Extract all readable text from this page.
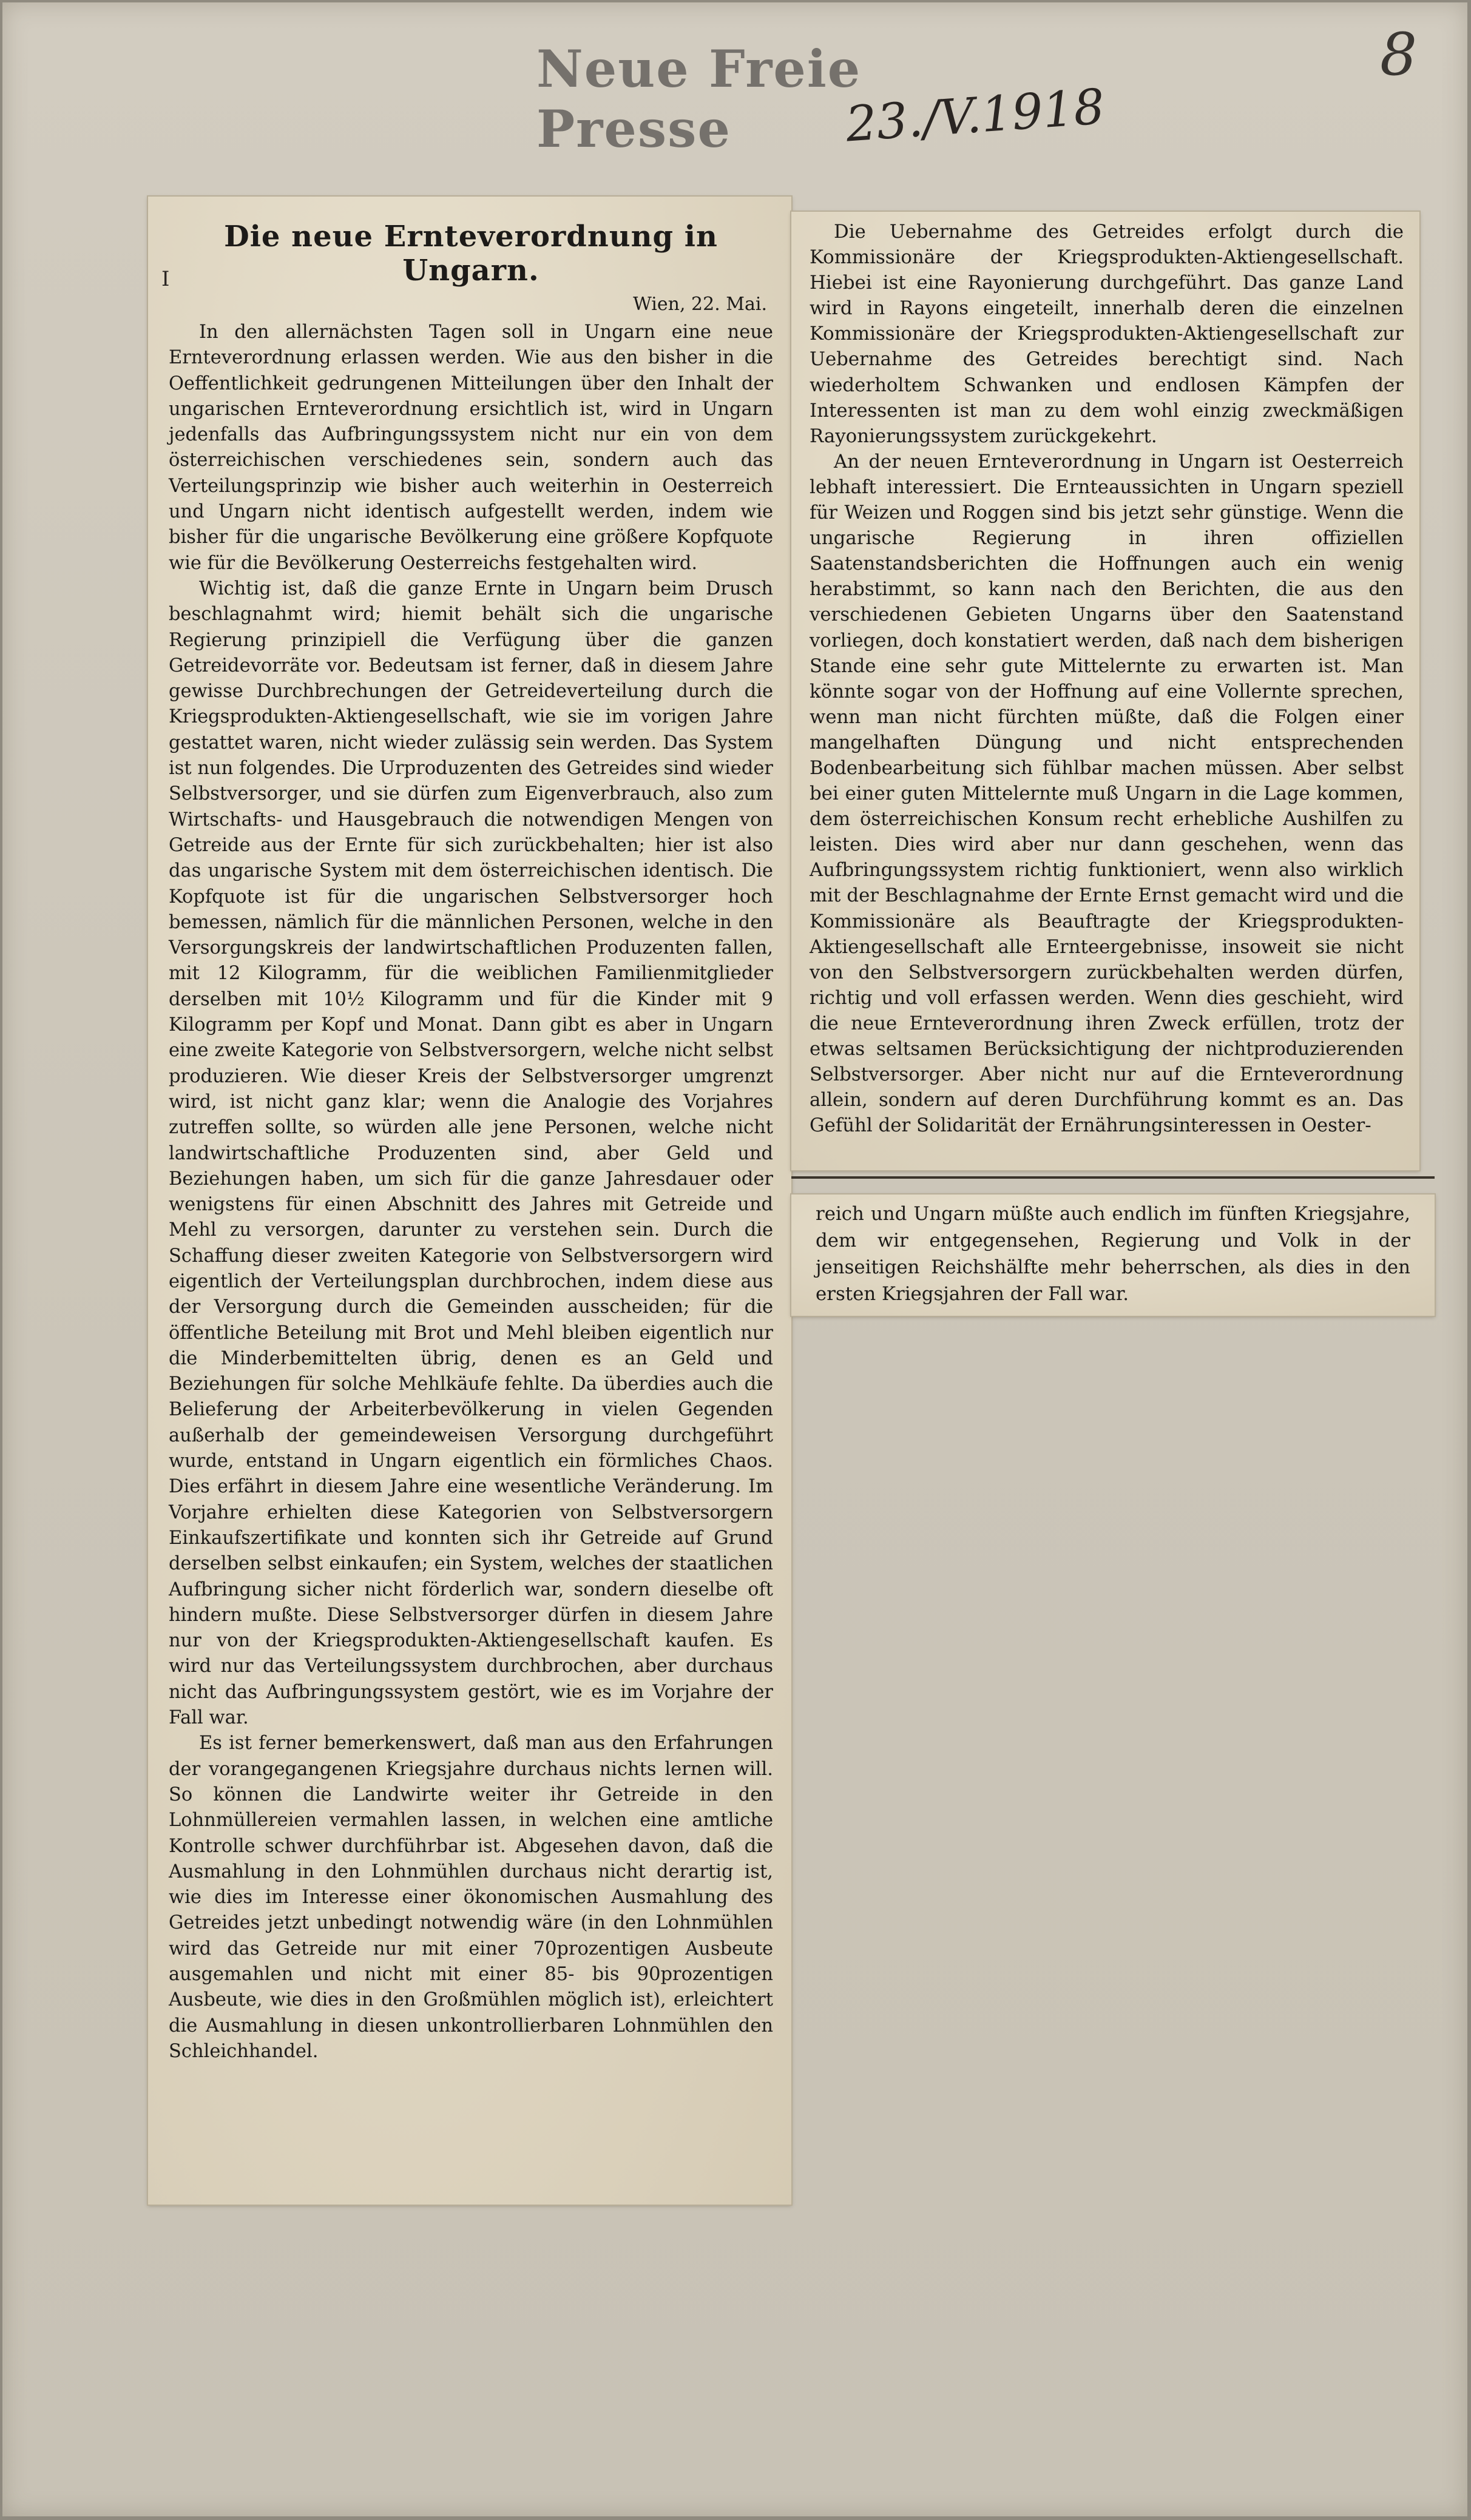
Neue Freie Presse	23./V.1918
8
Die neue Ernteverordnung in Ungarn.
Wien, 22. Mai.

In den allernächsten Tagen soll in Ungarn eine neue Ernteverordnung erlassen werden. Wie aus den bisher in die Oeffentlichkeit gedrungenen Mitteilungen über den Inhalt der ungarischen Ernteverordnung ersichtlich ist, wird in Ungarn jedenfalls das Aufbringungssystem nicht nur ein von dem österreichischen verschiedenes sein, sondern auch das Verteilungsprinzip wie bisher auch weiterhin in Oesterreich und Ungarn nicht identisch aufgestellt werden, indem wie bisher für die ungarische Bevölkerung eine größere Kopfquote wie für die Bevölkerung Oesterreichs festgehalten wird.

Wichtig ist, daß die ganze Ernte in Ungarn beim Drusch beschlagnahmt wird; hiemit behält sich die ungarische Regierung prinzipiell die Verfügung über die ganzen Getreidevorräte vor. Bedeutsam ist ferner, daß in diesem Jahre gewisse Durchbrechungen der Getreideverteilung durch die Kriegsprodukten-Aktiengesellschaft, wie sie im vorigen Jahre gestattet waren, nicht wieder zulässig sein werden. Das System ist nun folgendes. Die Urproduzenten des Getreides sind wieder Selbstversorger, und sie dürfen zum Eigenverbrauch, also zum Wirtschafts- und Hausgebrauch die notwendigen Mengen von Getreide aus der Ernte für sich zurückbehalten; hier ist also das ungarische System mit dem österreichischen identisch. Die Kopfquote ist für die ungarischen Selbstversorger hoch bemessen, nämlich für die männlichen Personen, welche in den Versorgungskreis der landwirtschaftlichen Produzenten fallen, mit 12 Kilogramm, für die weiblichen Familienmitglieder derselben mit 10½ Kilogramm und für die Kinder mit 9 Kilogramm per Kopf und Monat. Dann gibt es aber in Ungarn eine zweite Kategorie von Selbstversorgern, welche nicht selbst produzieren. Wie dieser Kreis der Selbstversorger umgrenzt wird, ist nicht ganz klar; wenn die Analogie des Vorjahres zutreffen sollte, so würden alle jene Personen, welche nicht landwirtschaftliche Produzenten sind, aber Geld und Beziehungen haben, um sich für die ganze Jahresdauer oder wenigstens für einen Abschnitt des Jahres mit Getreide und Mehl zu versorgen, darunter zu verstehen sein. Durch die Schaffung dieser zweiten Kategorie von Selbstversorgern wird eigentlich der Verteilungsplan durchbrochen, indem diese aus der Versorgung durch die Gemeinden ausscheiden; für die öffentliche Beteilung mit Brot und Mehl bleiben eigentlich nur die Minderbemittelten übrig, denen es an Geld und Beziehungen für solche Mehlkäufe fehlte. Da überdies auch die Belieferung der Arbeiterbevölkerung in vielen Gegenden außerhalb der gemeindeweisen Versorgung durchgeführt wurde, entstand in Ungarn eigentlich ein förmliches Chaos. Dies erfährt in diesem Jahre eine wesentliche Veränderung. Im Vorjahre erhielten diese Kategorien von Selbstversorgern Einkaufszertifikate und konnten sich ihr Getreide auf Grund derselben selbst einkaufen; ein System, welches der staatlichen Aufbringung sicher nicht förderlich war, sondern dieselbe oft hindern mußte. Diese Selbstversorger dürfen in diesem Jahre nur von der Kriegsprodukten-Aktiengesellschaft kaufen. Es wird nur das Verteilungssystem durchbrochen, aber durchaus nicht das Aufbringungssystem gestört, wie es im Vorjahre der Fall war.

Es ist ferner bemerkenswert, daß man aus den Erfahrungen der vorangegangenen Kriegsjahre durchaus nichts lernen will. So können die Landwirte weiter ihr Getreide in den Lohnmüllereien vermahlen lassen, in welchen eine amtliche Kontrolle schwer durchführbar ist. Abgesehen davon, daß die Ausmahlung in den Lohnmühlen durchaus nicht derartig ist, wie dies im Interesse einer ökonomischen Ausmahlung des Getreides jetzt unbedingt notwendig wäre (in den Lohnmühlen wird das Getreide nur mit einer 70prozentigen Ausbeute ausgemahlen und nicht mit einer 85- bis 90prozentigen Ausbeute, wie dies in den Großmühlen möglich ist), erleichtert die Ausmahlung in diesen unkontrollierbaren Lohnmühlen den Schleichhandel.

I

Die Uebernahme des Getreides erfolgt durch die Kommissionäre der Kriegsprodukten-Aktiengesellschaft. Hiebei ist eine Rayonierung durchgeführt. Das ganze Land wird in Rayons eingeteilt, innerhalb deren die einzelnen Kommissionäre der Kriegsprodukten-Aktiengesellschaft zur Uebernahme des Getreides berechtigt sind. Nach wiederholtem Schwanken und endlosen Kämpfen der Interessenten ist man zu dem wohl einzig zweckmäßigen Rayonierungssystem zurückgekehrt.

An der neuen Ernteverordnung in Ungarn ist Oesterreich lebhaft interessiert. Die Ernteaussichten in Ungarn speziell für Weizen und Roggen sind bis jetzt sehr günstige. Wenn die ungarische Regierung in ihren offiziellen Saatenstandsberichten die Hoffnungen auch ein wenig herabstimmt, so kann nach den Berichten, die aus den verschiedenen Gebieten Ungarns über den Saatenstand vorliegen, doch konstatiert werden, daß nach dem bisherigen Stande eine sehr gute Mittelernte zu erwarten ist. Man könnte sogar von der Hoffnung auf eine Vollernte sprechen, wenn man nicht fürchten müßte, daß die Folgen einer mangelhaften Düngung und nicht entsprechenden Bodenbearbeitung sich fühlbar machen müssen. Aber selbst bei einer guten Mittelernte muß Ungarn in die Lage kommen, dem österreichischen Konsum recht erhebliche Aushilfen zu leisten. Dies wird aber nur dann geschehen, wenn das Aufbringungssystem richtig funktioniert, wenn also wirklich mit der Beschlagnahme der Ernte Ernst gemacht wird und die Kommissionäre als Beauftragte der Kriegsprodukten-Aktiengesellschaft alle Ernteergebnisse, insoweit sie nicht von den Selbstversorgern zurückbehalten werden dürfen, richtig und voll erfassen werden. Wenn dies geschieht, wird die neue Ernteverordnung ihren Zweck erfüllen, trotz der etwas seltsamen Berücksichtigung der nichtproduzierenden Selbstversorger. Aber nicht nur auf die Ernteverordnung allein, sondern auf deren Durchführung kommt es an. Das Gefühl der Solidarität der Ernährungsinteressen in Oester-

reich und Ungarn müßte auch endlich im fünften Kriegsjahre, dem wir entgegensehen, Regierung und Volk in der jenseitigen Reichshälfte mehr beherrschen, als dies in den ersten Kriegsjahren der Fall war.
